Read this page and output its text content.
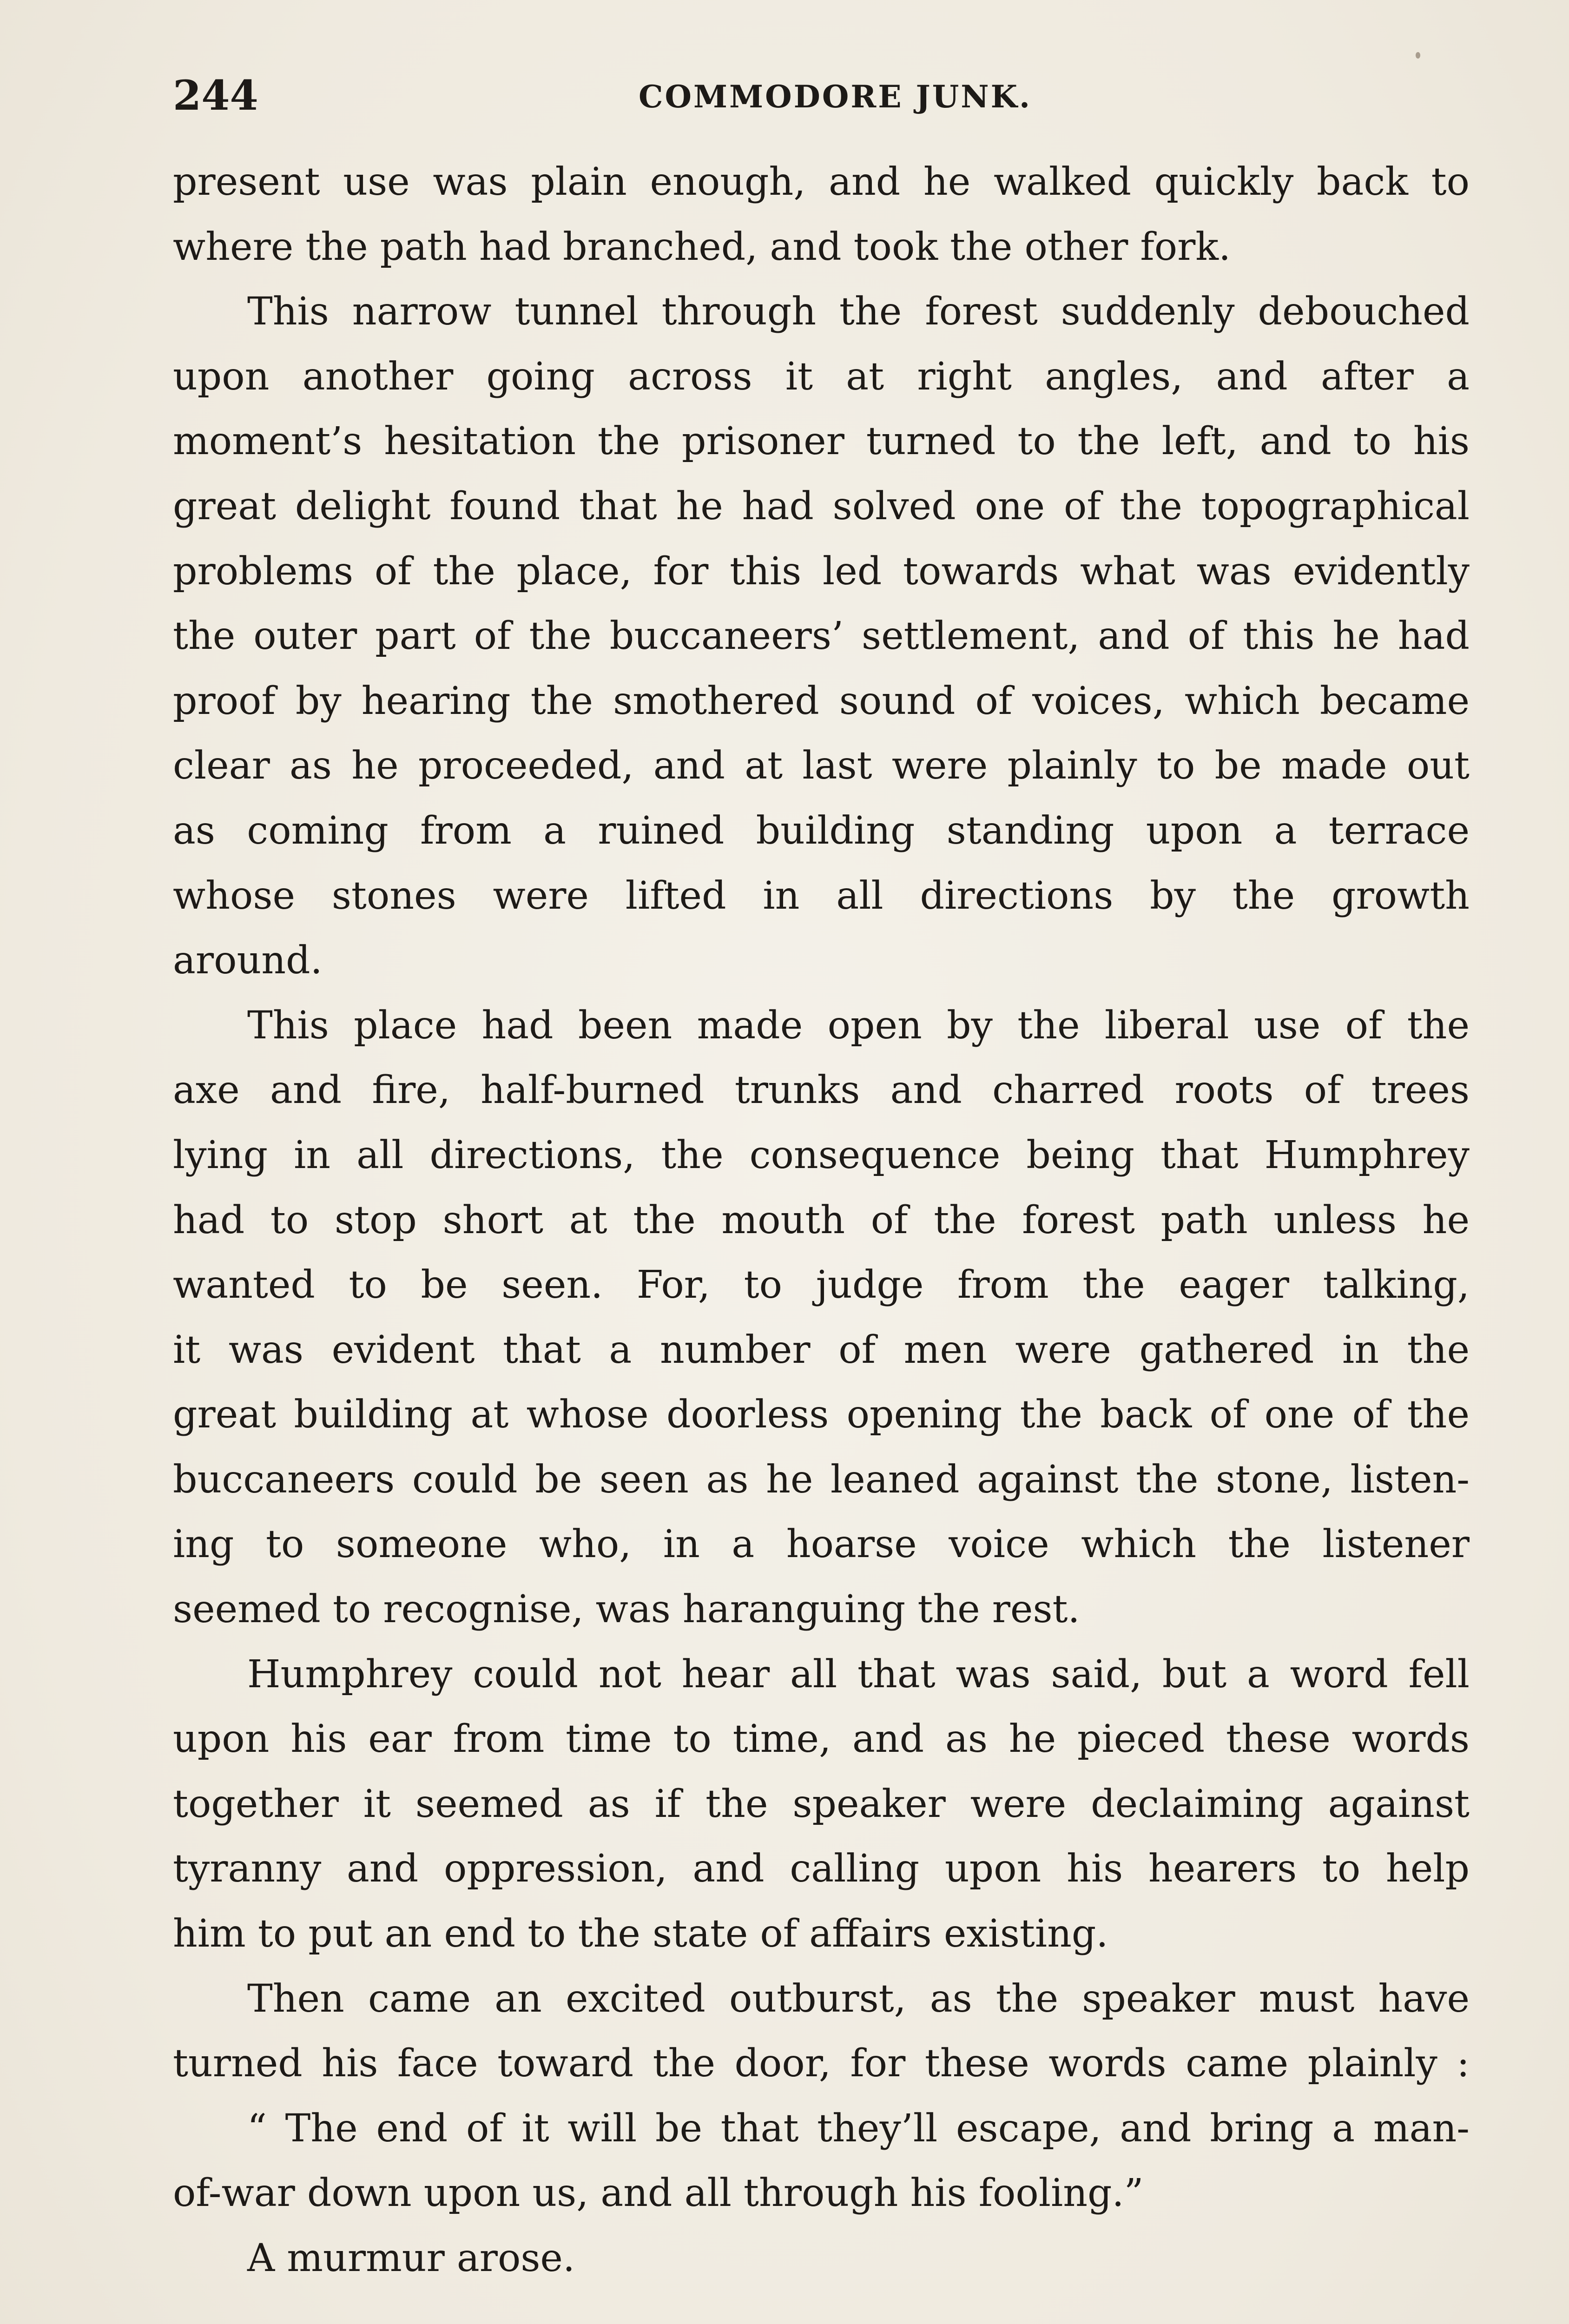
244	COMMODORE JUNK.
present use was plain enough, and he walked quickly back to
where the path had branched, and took the other fork.
This narrow tunnel through the forest suddenly debouched
upon another going across it at right angles, and after a
moment’s hesitation the prisoner turned to the left, and to his
great delight found that he had solved one of the topographical
problems of the place, for this led towards what was evidently
the outer part of the buccaneers’ settlement, and of this he had
proof by hearing the smothered sound of voices, which became
clear as he proceeded, and at last were plainly to be made out
as coming from a ruined building standing upon a terrace
whose stones were lifted in all directions by the growth
around.
This place had been made open by the liberal use of the
axe and fire, half-burned trunks and charred roots of trees
lying in all directions, the consequence being that Humphrey
had to stop short at the mouth of the forest path unless he
wanted to be seen. For, to judge from the eager talking,
it was evident that a number of men were gathered in the
great building at whose doorless opening the back of one of the
buccaneers could be seen as he leaned against the stone, listen-
ing to someone who, in a hoarse voice which the listener
seemed to recognise, was haranguing the rest.
Humphrey could not hear all that was said, but a word fell
upon his ear from time to time, and as he pieced these words
together it seemed as if the speaker were declaiming against
tyranny and oppression, and calling upon his hearers to help
him to put an end to the state of affairs existing.
Then came an excited outburst, as the speaker must have
turned his face toward the door, for these words came plainly :
“ The end of it will be that they’ll escape, and bring a man-
of-war down upon us, and all through his fooling.”
A murmur arose.
